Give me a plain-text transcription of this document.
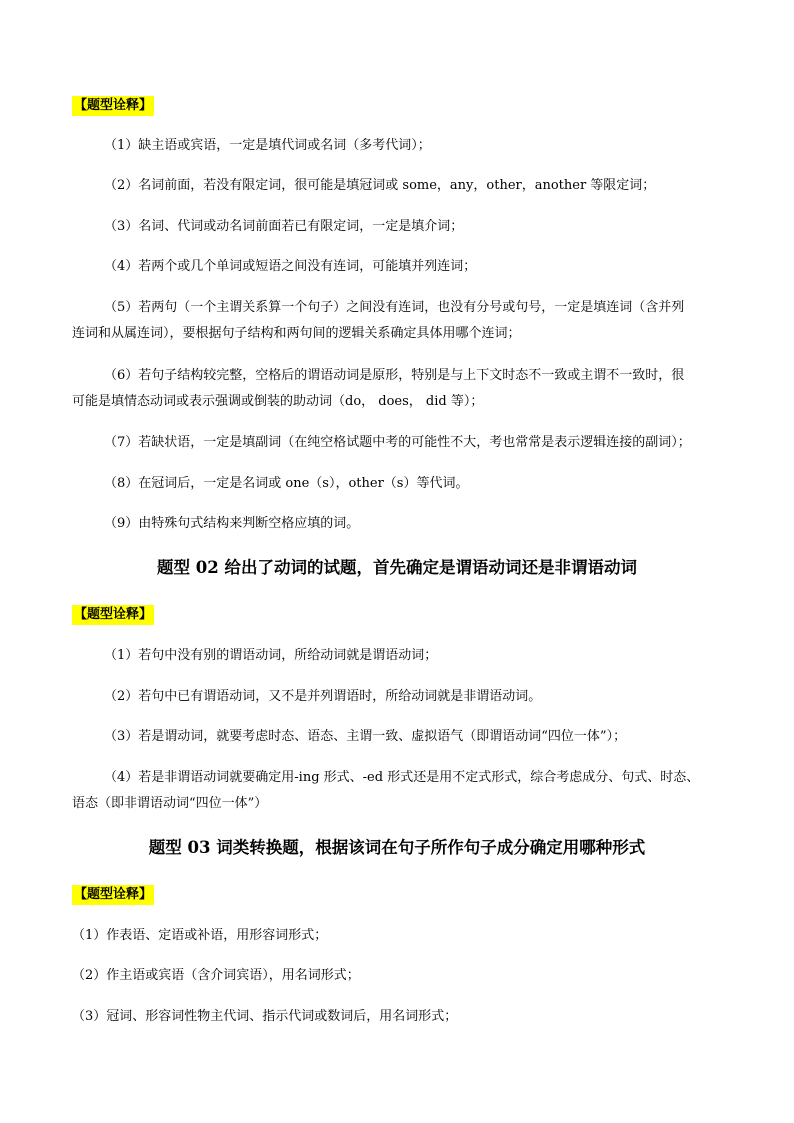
【题型诠释】
（1）缺主语或宾语，一定是填代词或名词（多考代词）；
（2）名词前面，若没有限定词，很可能是填冠词或 some，any，other，another 等限定词；
（3）名词、代词或动名词前面若已有限定词，一定是填介词；
（4）若两个或几个单词或短语之间没有连词，可能填并列连词；
（5）若两句（一个主谓关系算一个句子）之间没有连词，也没有分号或句号，一定是填连词（含并列
连词和从属连词），要根据句子结构和两句间的逻辑关系确定具体用哪个连词；
（6）若句子结构较完整，空格后的谓语动词是原形，特别是与上下文时态不一致或主谓不一致时，很
可能是填情态动词或表示强调或倒装的助动词（do， does， did 等）；
（7）若缺状语，一定是填副词（在纯空格试题中考的可能性不大，考也常常是表示逻辑连接的副词）；
（8）在冠词后，一定是名词或 one（s），other（s）等代词。
（9）由特殊句式结构来判断空格应填的词。
题型 02 给出了动词的试题，首先确定是谓语动词还是非谓语动词
【题型诠释】
（1）若句中没有别的谓语动词，所给动词就是谓语动词；
（2）若句中已有谓语动词，又不是并列谓语时，所给动词就是非谓语动词。
（3）若是谓动词，就要考虑时态、语态、主谓一致、虚拟语气（即谓语动词“四位一体”）；
（4）若是非谓语动词就要确定用-ing 形式、-ed 形式还是用不定式形式，综合考虑成分、句式、时态、
语态（即非谓语动词“四位一体”）
题型 03 词类转换题，根据该词在句子所作句子成分确定用哪种形式
【题型诠释】
（1）作表语、定语或补语，用形容词形式；
（2）作主语或宾语（含介词宾语），用名词形式；
（3）冠词、形容词性物主代词、指示代词或数词后，用名词形式；
